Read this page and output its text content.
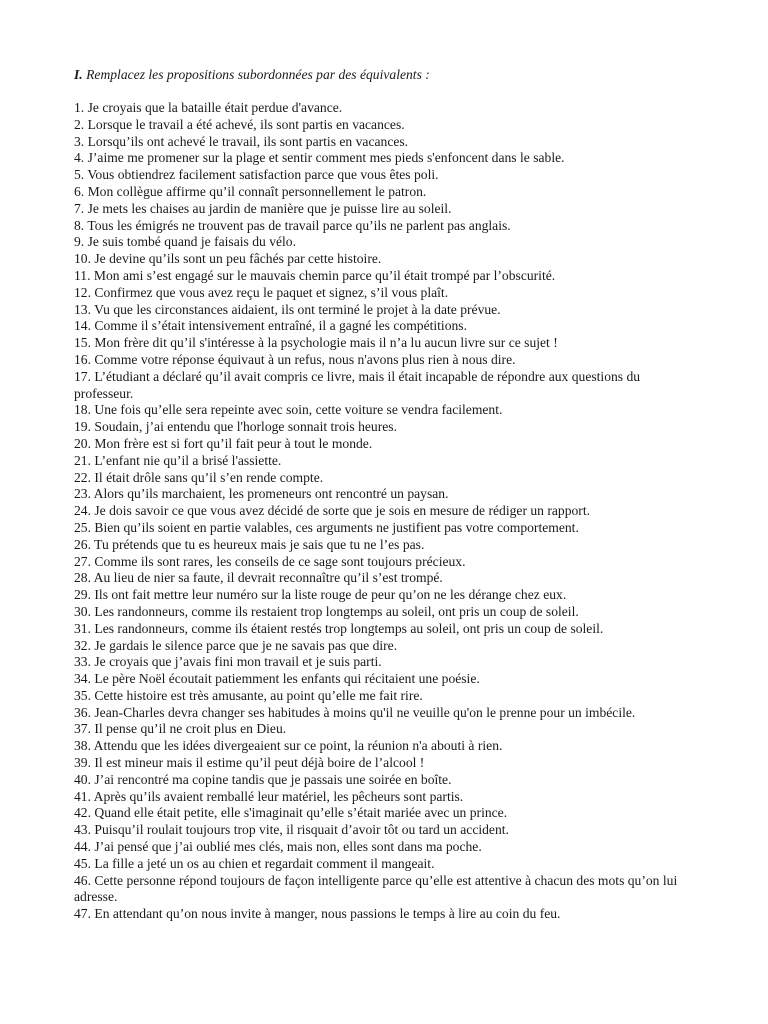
I. Remplacez les propositions subordonnées par des équivalents :
1. Je croyais que la bataille était perdue d'avance.
2. Lorsque le travail a été achevé, ils sont partis en vacances.
3. Lorsqu’ils ont achevé le travail, ils sont partis en vacances.
4. J’aime me promener sur la plage et sentir comment mes pieds s'enfoncent dans le sable.
5. Vous obtiendrez facilement satisfaction parce que vous êtes poli.
6. Mon collègue affirme qu’il connaît personnellement le patron.
7. Je mets les chaises au jardin de manière que je puisse lire au soleil.
8. Tous les émigrés ne trouvent pas de travail parce qu’ils ne parlent pas anglais.
9. Je suis tombé quand je faisais du vélo.
10. Je devine qu’ils sont un peu fâchés par cette histoire.
11. Mon ami s’est engagé sur le mauvais chemin parce qu’il était trompé par l’obscurité.
12. Confirmez que vous avez reçu le paquet et signez, s’il vous plaît.
13. Vu que les circonstances aidaient, ils ont terminé le projet à la date prévue.
14. Comme il s’était intensivement entraîné, il a gagné les compétitions.
15. Mon frère dit qu’il s'intéresse à la psychologie mais il n’a lu aucun livre sur ce sujet !
16. Comme votre réponse équivaut à un refus, nous n'avons plus rien à nous dire.
17. L’étudiant a déclaré qu’il avait compris ce livre, mais il était incapable de répondre aux questions du professeur.
18. Une fois qu’elle sera repeinte avec soin, cette voiture se vendra facilement.
19. Soudain, j’ai entendu que l'horloge sonnait trois heures.
20. Mon frère est si fort qu’il fait peur à tout le monde.
21. L’enfant nie qu’il a brisé l'assiette.
22. Il était drôle sans qu’il s’en rende compte.
23. Alors qu’ils marchaient, les promeneurs ont rencontré un paysan.
24. Je dois savoir ce que vous avez décidé de sorte que je sois en mesure de rédiger un rapport.
25. Bien qu’ils soient en partie valables, ces arguments ne justifient pas votre comportement.
26. Tu prétends que tu es heureux mais je sais que tu ne l’es pas.
27. Comme ils sont rares, les conseils de ce sage sont toujours précieux.
28. Au lieu de nier sa faute, il devrait reconnaître qu’il s’est trompé.
29. Ils ont fait mettre leur numéro sur la liste rouge de peur qu’on ne les dérange chez eux.
30. Les randonneurs, comme ils restaient trop longtemps au soleil, ont pris un coup de soleil.
31. Les randonneurs, comme ils étaient restés trop longtemps au soleil, ont pris un coup de soleil.
32. Je gardais le silence parce que je ne savais pas que dire.
33. Je croyais que j’avais fini mon travail et je suis parti.
34. Le père Noël écoutait patiemment les enfants qui récitaient une poésie.
35. Cette histoire est très amusante, au point qu’elle me fait rire.
36. Jean-Charles devra changer ses habitudes à moins qu'il ne veuille qu'on le prenne pour un imbécile.
37. Il pense qu’il ne croit plus en Dieu.
38. Attendu que les idées divergeaient sur ce point, la réunion n'a abouti à rien.
39. Il est mineur mais il estime qu’il peut déjà boire de l’alcool !
40. J’ai rencontré ma copine tandis que je passais une soirée en boîte.
41. Après qu’ils avaient remballé leur matériel, les pêcheurs sont partis.
42. Quand elle était petite, elle s'imaginait qu’elle s’était mariée avec un prince.
43. Puisqu’il roulait toujours trop vite, il risquait d’avoir tôt ou tard un accident.
44. J’ai pensé que j’ai oublié mes clés, mais non, elles sont dans ma poche.
45. La fille a jeté un os au chien et regardait comment il mangeait.
46. Cette personne répond toujours de façon intelligente parce qu’elle est attentive à chacun des mots qu’on lui adresse.
47. En attendant qu’on nous invite à manger, nous passions le temps à lire au coin du feu.
